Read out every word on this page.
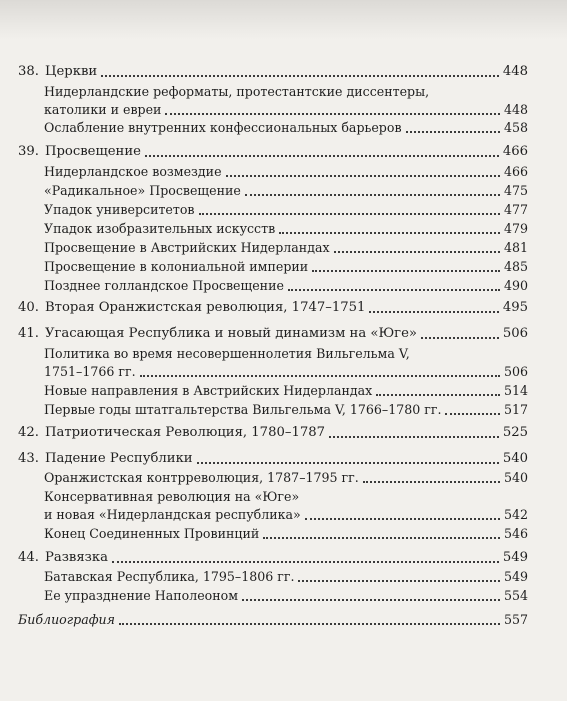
38. Церкви	448
Нидерландские реформаты, протестантские диссентеры,
католики и евреи	448
Ослабление внутренних конфессиональных барьеров	458
39. Просвещение	466
Нидерландское возмездие	466
«Радикальное» Просвещение	475
Упадок университетов	477
Упадок изобразительных искусств	479
Просвещение в Австрийских Нидерландах	481
Просвещение в колониальной империи	485
Позднее голландское Просвещение	490
40. Вторая Оранжистская революция, 1747–1751	495
41. Угасающая Республика и новый динамизм на «Юге»	506
Политика во время несовершеннолетия Вильгельма V,
1751–1766 гг.	506
Новые направления в Австрийских Нидерландах	514
Первые годы штатгальтерства Вильгельма V, 1766–1780 гг.	517
42. Патриотическая Революция, 1780–1787	525
43. Падение Республики	540
Оранжистская контрреволюция, 1787–1795 гг.	540
Консервативная революция на «Юге»
и новая «Нидерландская республика»	542
Конец Соединенных Провинций	546
44. Развязка	549
Батавская Республика, 1795–1806 гг.	549
Ее упразднение Наполеоном	554
Библиография	557
